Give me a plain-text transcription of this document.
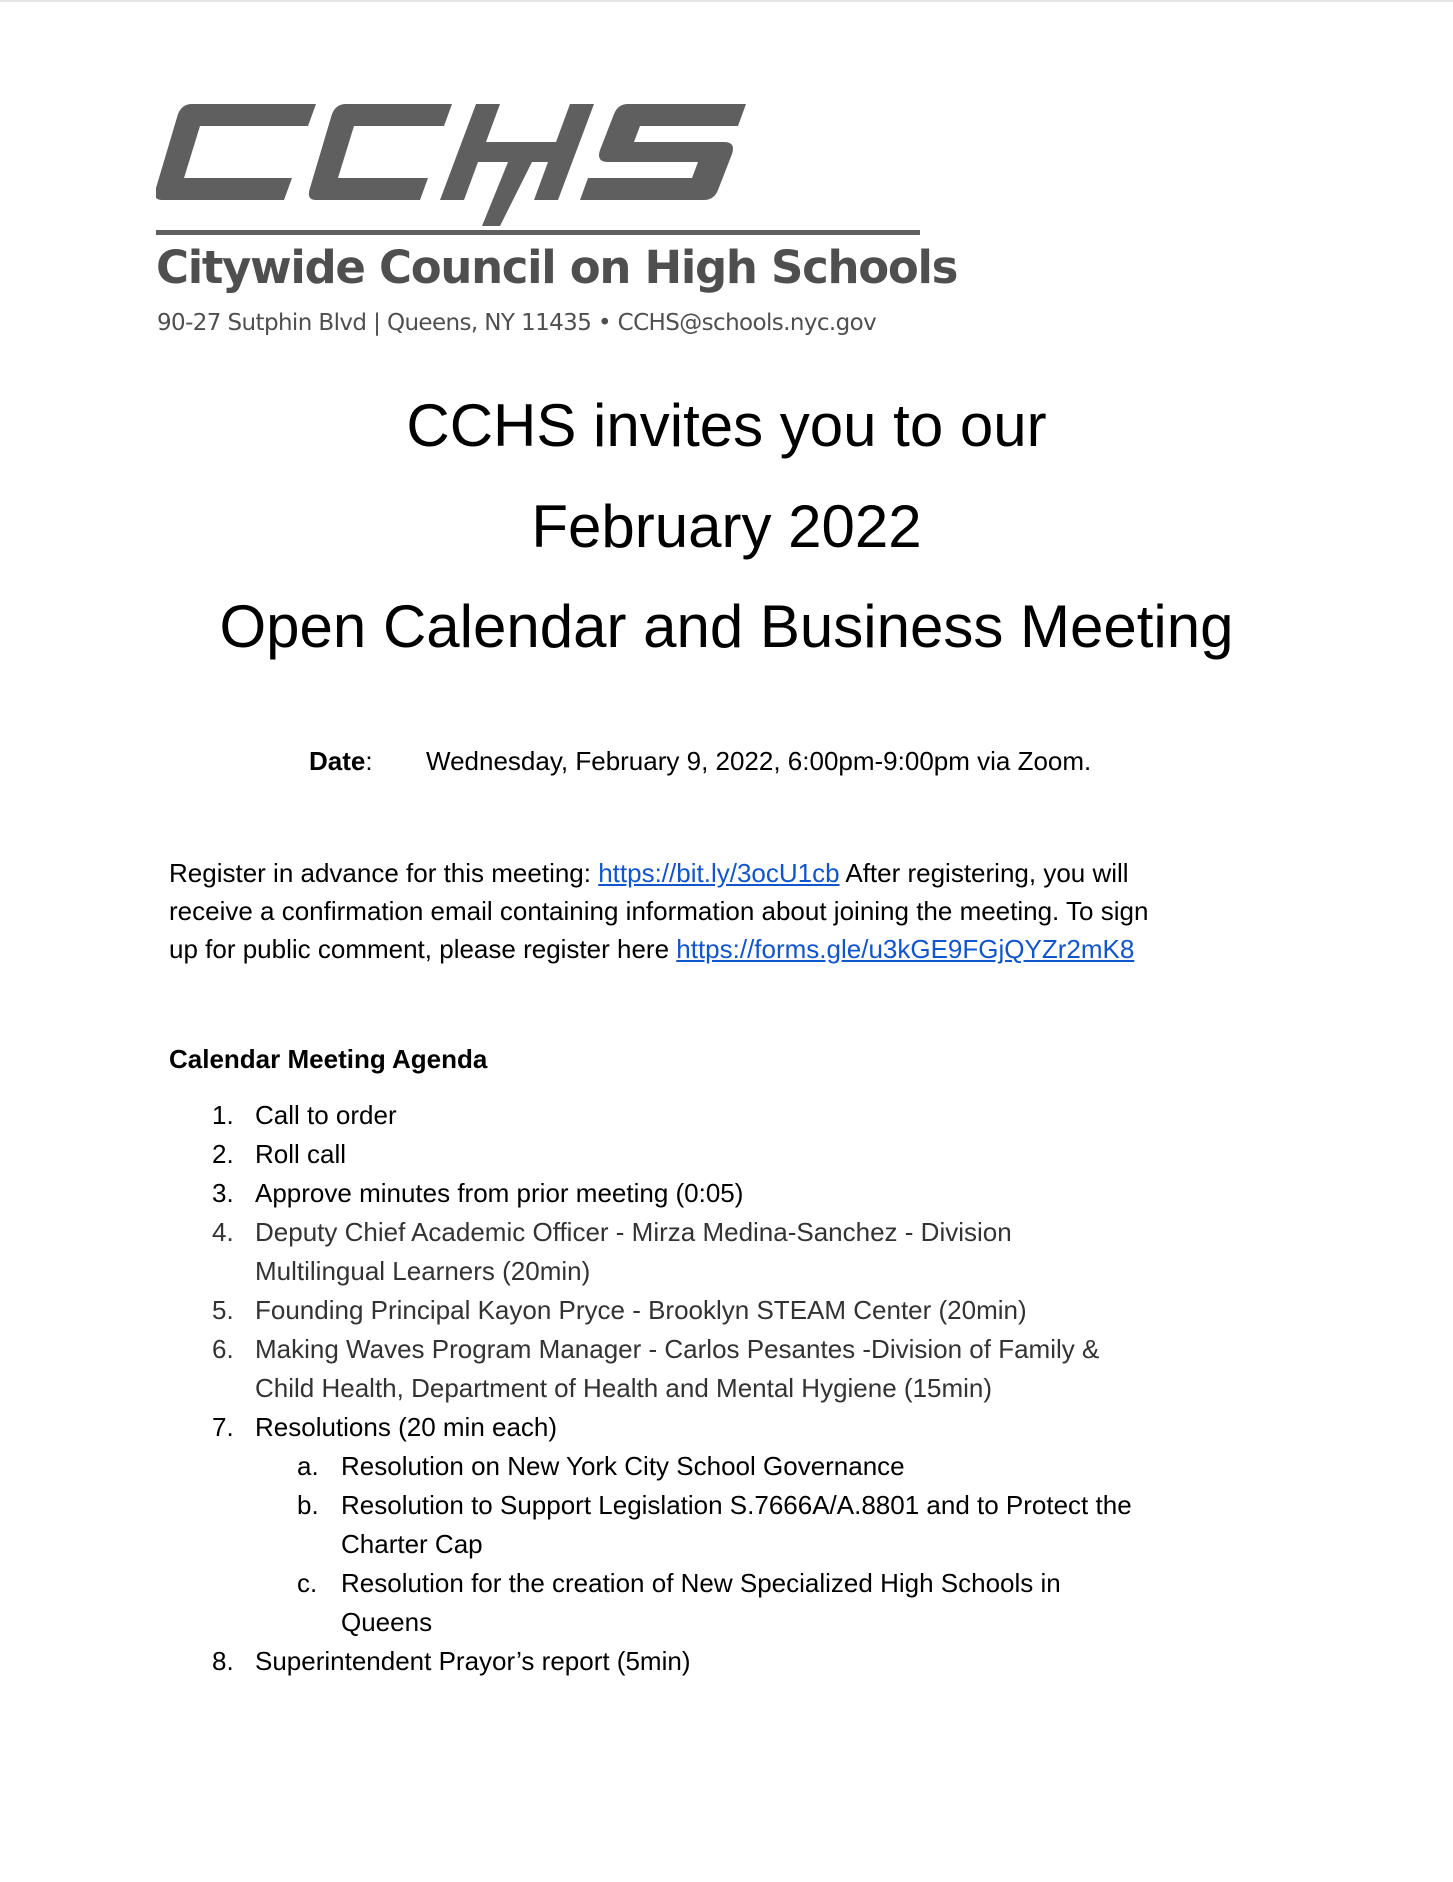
Citywide Council on High Schools
90-27 Sutphin Blvd | Queens, NY 11435 • CCHS@schools.nyc.gov
CCHS invites you to our
February 2022
Open Calendar and Business Meeting
Date: Wednesday, February 9, 2022, 6:00pm-9:00pm via Zoom.
Register in advance for this meeting: https://bit.ly/3ocU1cb After registering, you will
receive a confirmation email containing information about joining the meeting. To sign
up for public comment, please register here https://forms.gle/u3kGE9FGjQYZr2mK8
Calendar Meeting Agenda
1. Call to order
2. Roll call
3. Approve minutes from prior meeting (0:05)
4. Deputy Chief Academic Officer - Mirza Medina-Sanchez - Division
Multilingual Learners (20min)
5. Founding Principal Kayon Pryce - Brooklyn STEAM Center (20min)
6. Making Waves Program Manager - Carlos Pesantes -Division of Family &
Child Health, Department of Health and Mental Hygiene (15min)
7. Resolutions (20 min each)
a. Resolution on New York City School Governance
b. Resolution to Support Legislation S.7666A/A.8801 and to Protect the
Charter Cap
c. Resolution for the creation of New Specialized High Schools in
Queens
8. Superintendent Prayor’s report (5min)
